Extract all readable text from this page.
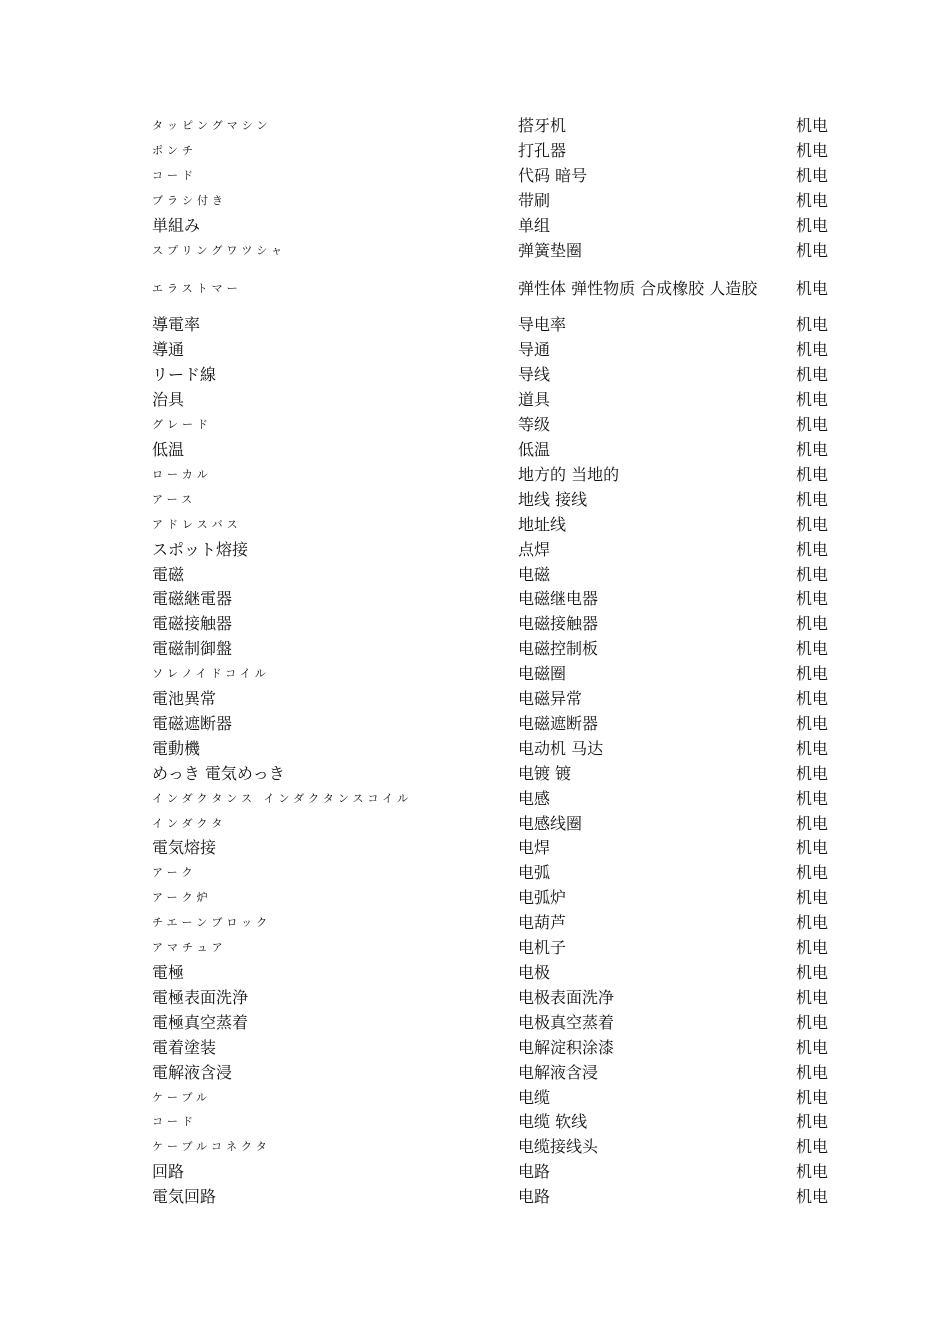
タッピングマシン	搭牙机	机电
ポンチ	打孔器	机电
コード	代码 暗号	机电
ブラシ付き	带刷	机电
単組み	单组	机电
スプリングワツシャ	弹簧垫圈	机电
エラストマー	弹性体 弹性物质 合成橡胶 人造胶	机电
導電率	导电率	机电
導通	导通	机电
リード線	导线	机电
治具	道具	机电
グレード	等级	机电
低温	低温	机电
ローカル	地方的 当地的	机电
アース	地线 接线	机电
アドレスバス	地址线	机电
スポット熔接	点焊	机电
電磁	电磁	机电
電磁継電器	电磁继电器	机电
電磁接触器	电磁接触器	机电
電磁制御盤	电磁控制板	机电
ソレノイドコイル	电磁圈	机电
電池異常	电磁异常	机电
電磁遮断器	电磁遮断器	机电
電動機	电动机 马达	机电
めっき 電気めっき	电镀 镀	机电
インダクタンス インダクタンスコイル	电感	机电
インダクタ	电感线圈	机电
電気熔接	电焊	机电
アーク	电弧	机电
アーク炉	电弧炉	机电
チエーンブロック	电葫芦	机电
アマチュア	电机子	机电
電極	电极	机电
電極表面洗浄	电极表面洗净	机电
電極真空蒸着	电极真空蒸着	机电
電着塗装	电解淀积涂漆	机电
電解液含浸	电解液含浸	机电
ケーブル	电缆	机电
コード	电缆 软线	机电
ケーブルコネクタ	电缆接线头	机电
回路	电路	机电
電気回路	电路	机电
